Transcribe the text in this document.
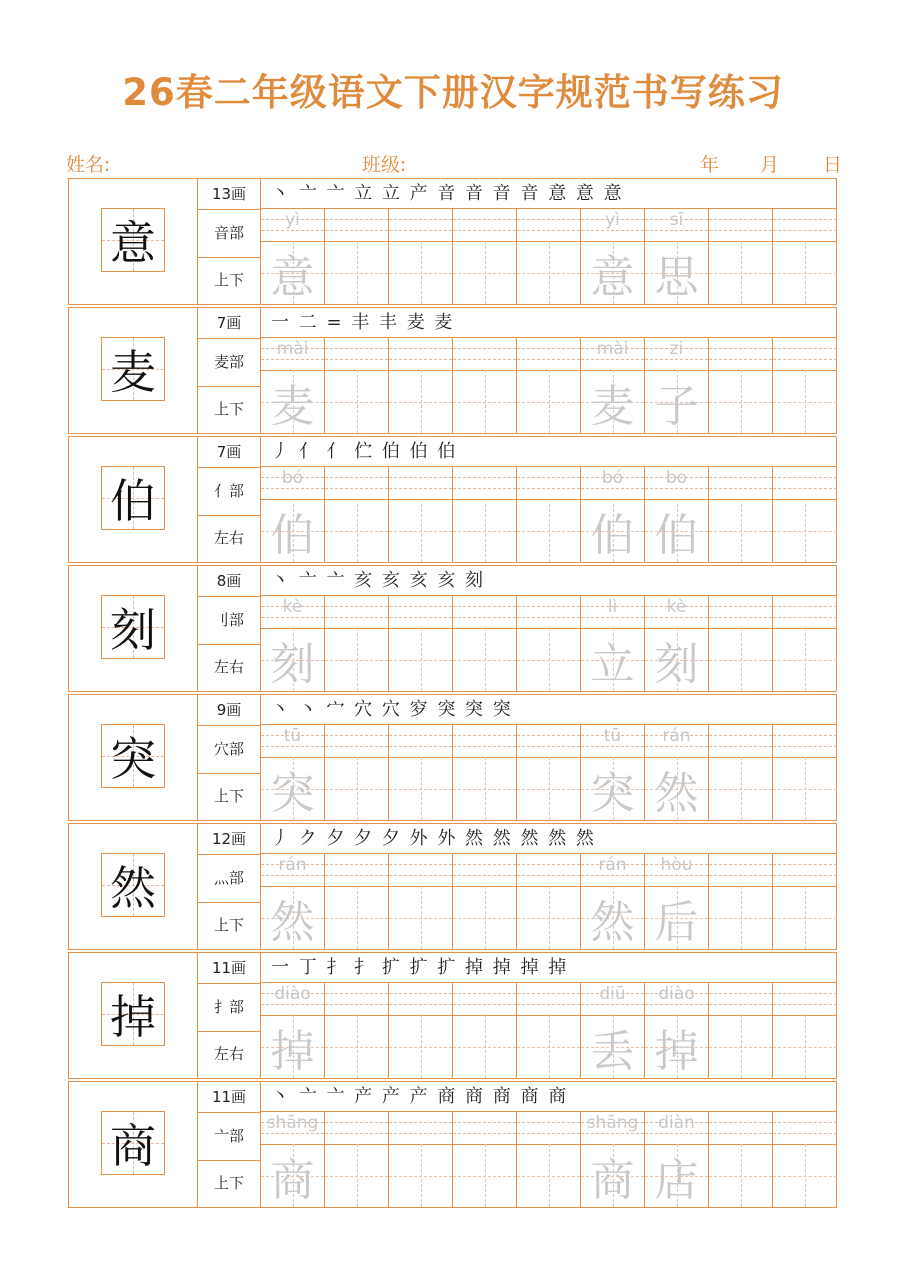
26春二年级语文下册汉字规范书写练习
姓名:	班级:	年 月 日
意
13画
音部
上下
丶 亠 亠 立 立 产 音 音 音 音 意 意 意
yì
意
yì
意
sī
思
麦
7画
麦部
上下
一 二 = 丰 丰 麦 麦
mài
麦
mài
麦
zi
子
伯
7画
亻部
左右
丿 亻 亻 伫 伯 伯 伯
bó
伯
bó
伯
bo
伯
刻
8画
刂部
左右
丶 亠 亠 亥 亥 亥 亥 刻
kè
刻
lì
立
kè
刻
突
9画
穴部
上下
丶 丶 宀 穴 穴 穸 突 突 突
tū
突
tū
突
rán
然
然
12画
灬部
上下
丿 ク 夕 夕 夕 外 外 然 然 然 然 然
rán
然
rán
然
hòu
后
掉
11画
扌部
左右
一 丁 扌 扌 扩 扩 扩 掉 掉 掉 掉
diào
掉
diū
丢
diào
掉
商
11画
亠部
上下
丶 亠 亠 产 产 产 商 商 商 商 商
shāng
商
shāng
商
diàn
店
